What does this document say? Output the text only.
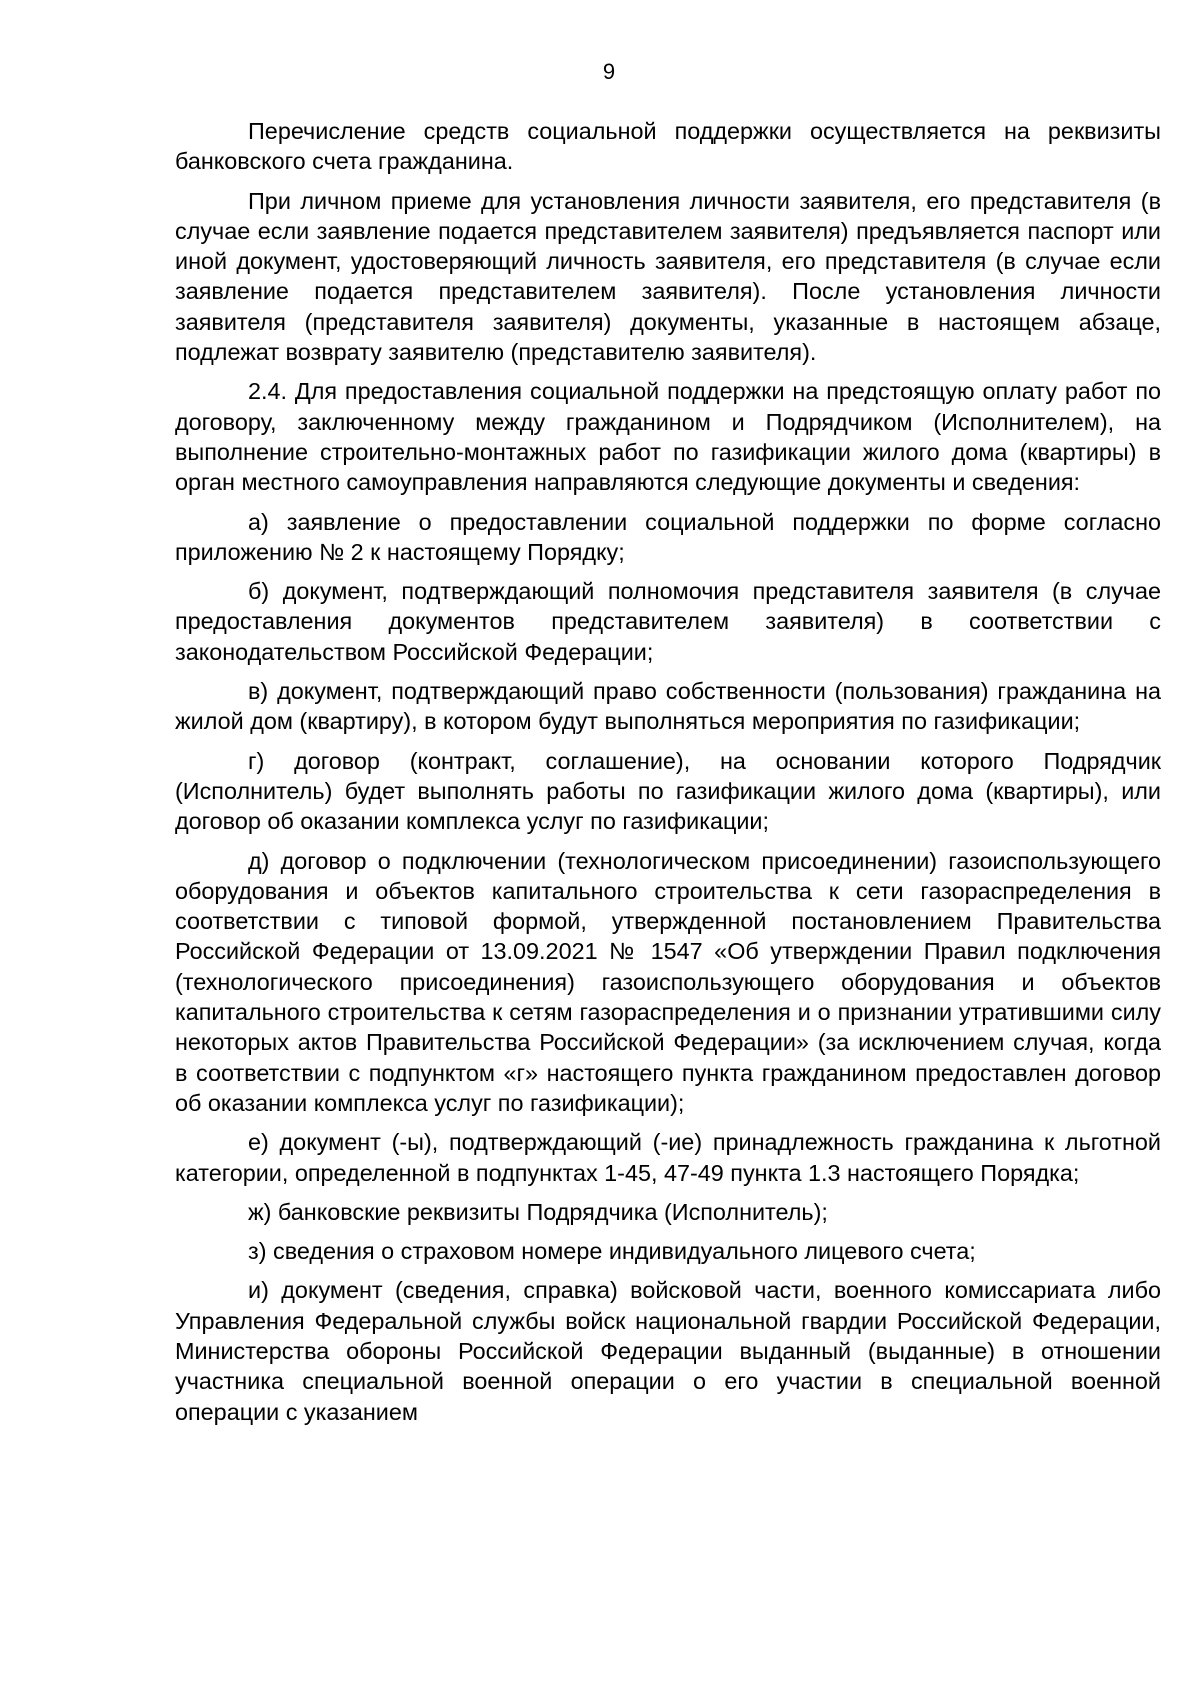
9

Перечисление средств социальной поддержки осуществляется на реквизиты банковского счета гражданина.

При личном приеме для установления личности заявителя, его представителя (в случае если заявление подается представителем заявителя) предъявляется паспорт или иной документ, удостоверяющий личность заявителя, его представителя (в случае если заявление подается представителем заявителя). После установления личности заявителя (представителя заявителя) документы, указанные в настоящем абзаце, подлежат возврату заявителю (представителю заявителя).

2.4. Для предоставления социальной поддержки на предстоящую оплату работ по договору, заключенному между гражданином и Подрядчиком (Исполнителем), на выполнение строительно-монтажных работ по газификации жилого дома (квартиры) в орган местного самоуправления направляются следующие документы и сведения:

а) заявление о предоставлении социальной поддержки по форме согласно приложению № 2 к настоящему Порядку;

б) документ, подтверждающий полномочия представителя заявителя (в случае предоставления документов представителем заявителя) в соответствии с законодательством Российской Федерации;

в) документ, подтверждающий право собственности (пользования) гражданина на жилой дом (квартиру), в котором будут выполняться мероприятия по газификации;

г) договор (контракт, соглашение), на основании которого Подрядчик (Исполнитель) будет выполнять работы по газификации жилого дома (квартиры), или договор об оказании комплекса услуг по газификации;

д) договор о подключении (технологическом присоединении) газоиспользующего оборудования и объектов капитального строительства к сети газораспределения в соответствии с типовой формой, утвержденной постановлением Правительства Российской Федерации от 13.09.2021 № 1547 «Об утверждении Правил подключения (технологического присоединения) газоиспользующего оборудования и объектов капитального строительства к сетям газораспределения и о признании утратившими силу некоторых актов Правительства Российской Федерации» (за исключением случая, когда в соответствии с подпунктом «г» настоящего пункта гражданином предоставлен договор об оказании комплекса услуг по газификации);

е) документ (-ы), подтверждающий (-ие) принадлежность гражданина к льготной категории, определенной в подпунктах 1-45, 47-49 пункта 1.3 настоящего Порядка;

ж) банковские реквизиты Подрядчика (Исполнитель);

з) сведения о страховом номере индивидуального лицевого счета;

и) документ (сведения, справка) войсковой части, военного комиссариата либо Управления Федеральной службы войск национальной гвардии Российской Федерации, Министерства обороны Российской Федерации выданный (выданные) в отношении участника специальной военной операции о его участии в специальной военной операции с указанием
